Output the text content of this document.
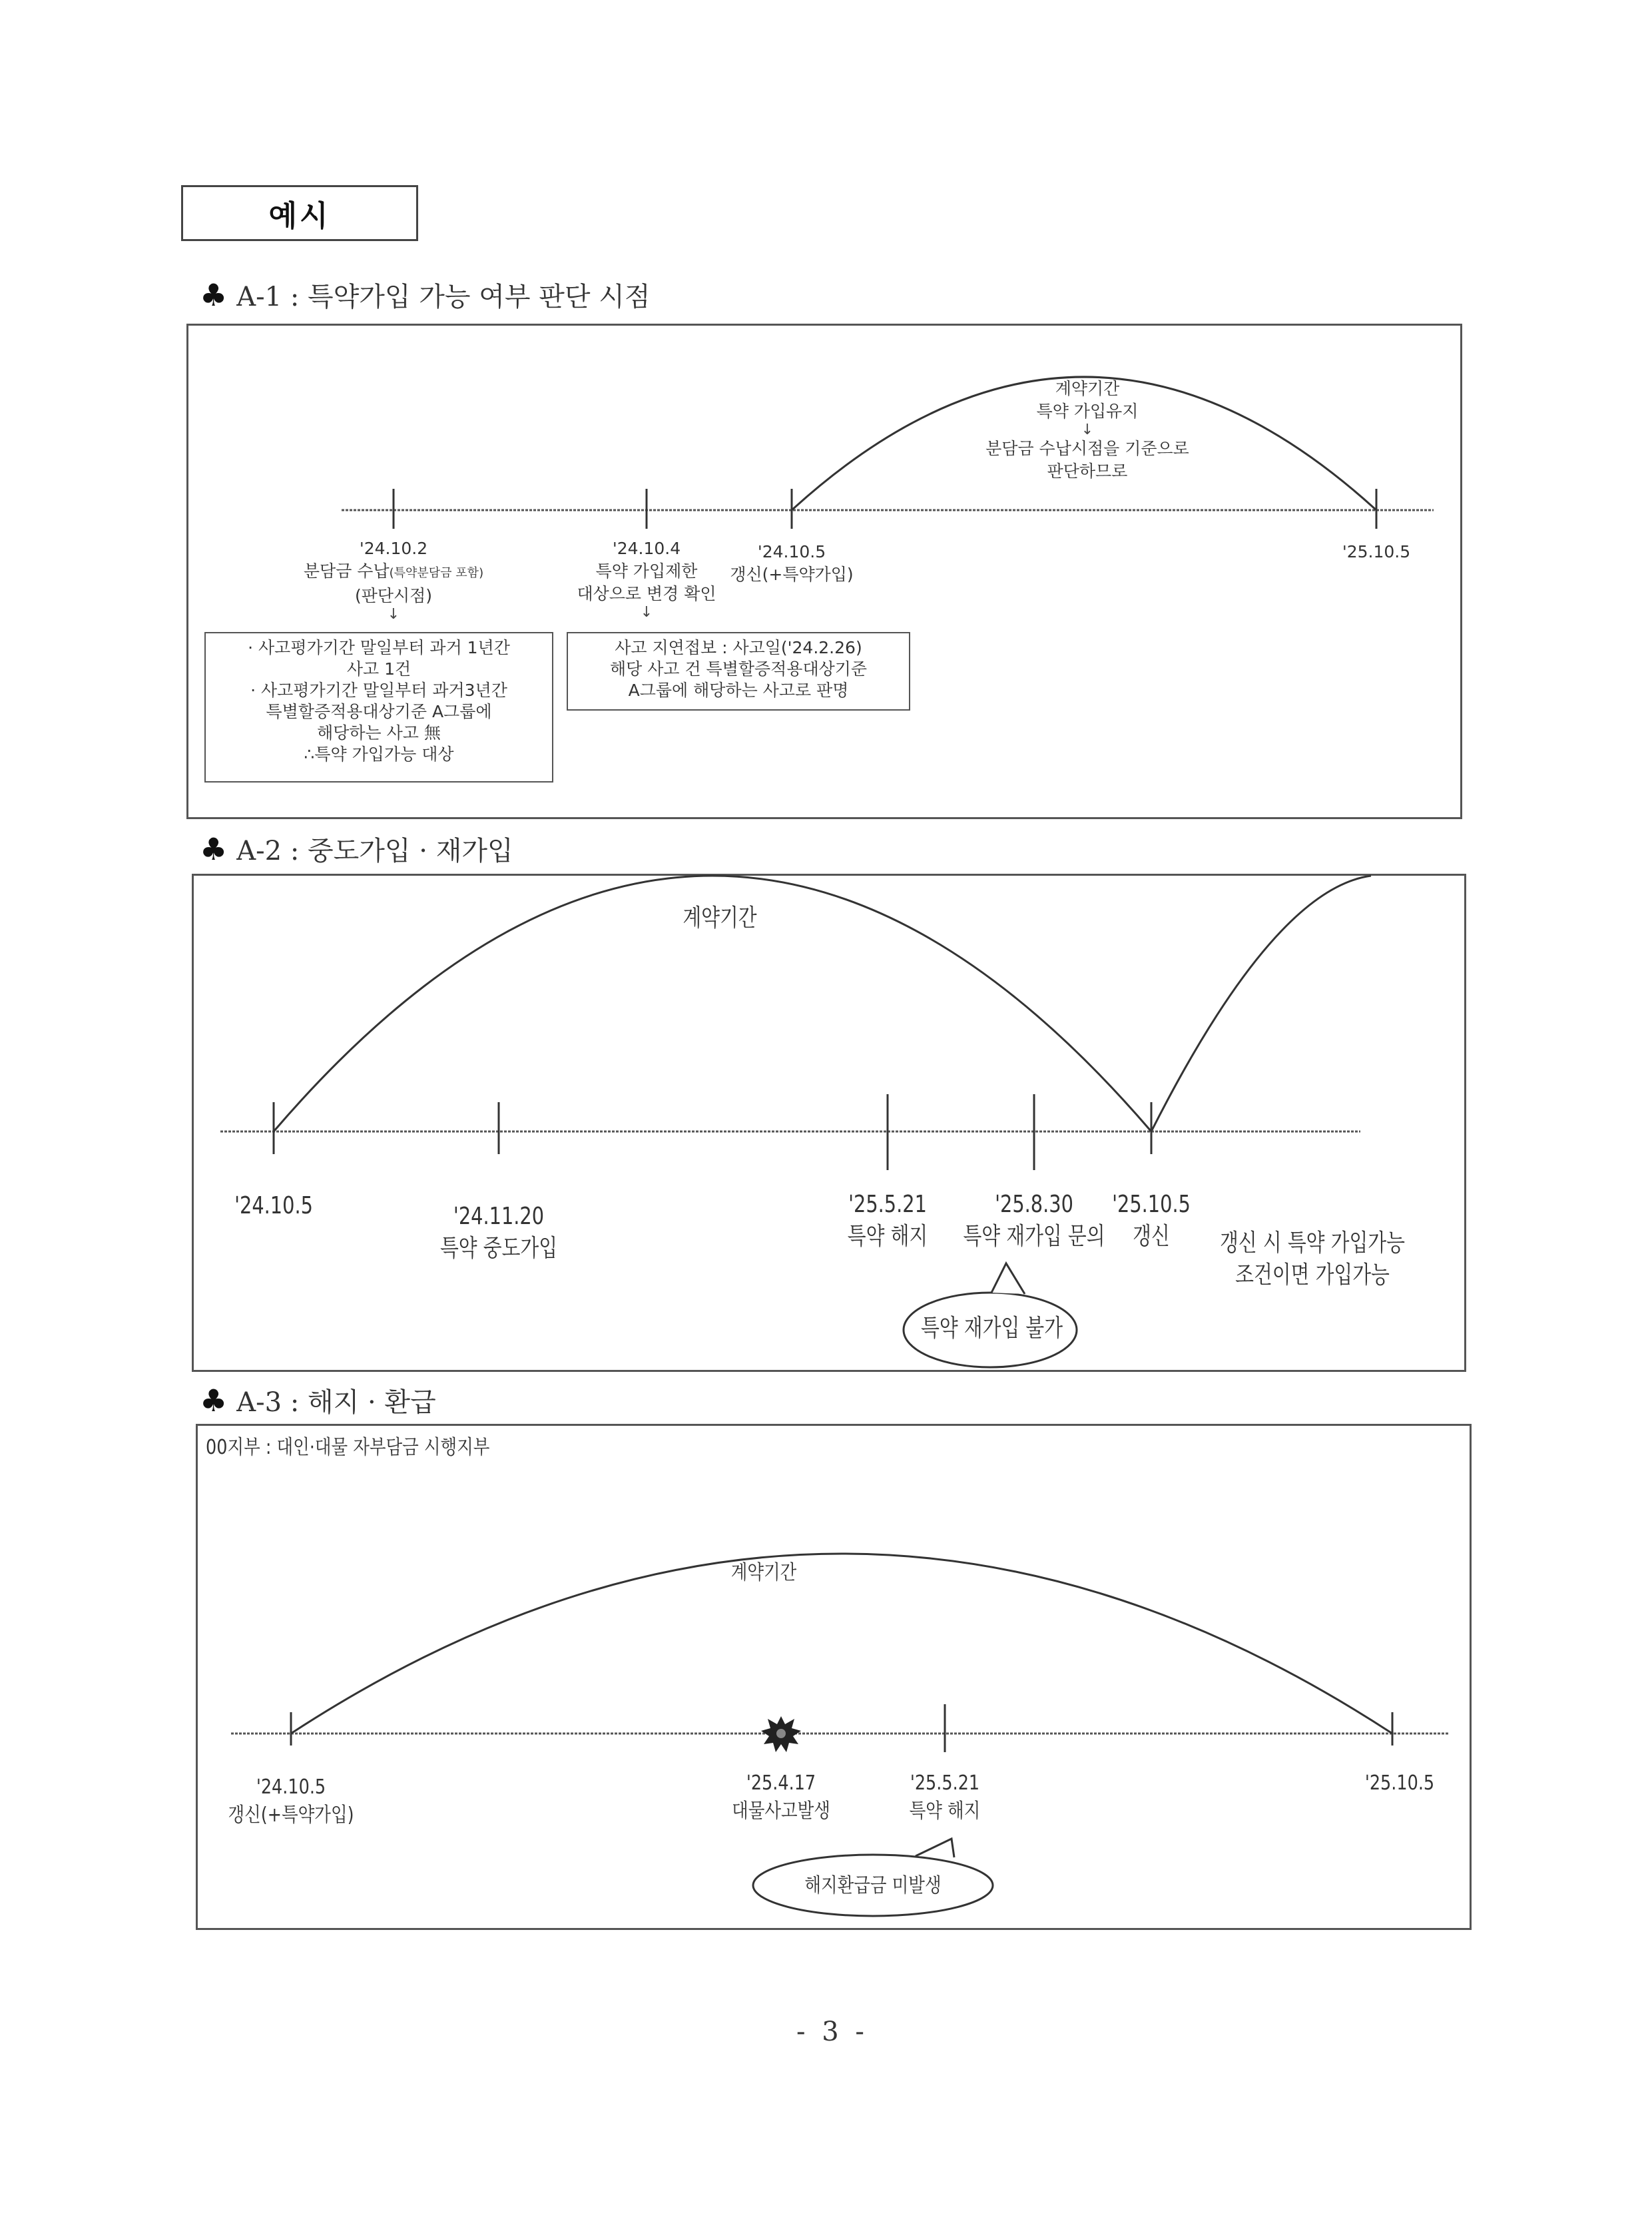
예시
♣ A-1 : 특약가입 가능 여부 판단 시점
계약기간
특약 가입유지
↓
분담금 수납시점을 기준으로
판단하므로
'24.10.2
분담금 수납(특약분담금 포함)
(판단시점)
↓
'24.10.4
특약 가입제한
대상으로 변경 확인
↓
'24.10.5
갱신(+특약가입)
'25.10.5
· 사고평가기간 말일부터 과거 1년간
사고 1건
· 사고평가기간 말일부터 과거3년간
특별할증적용대상기준 A그룹에
해당하는 사고 無
∴특약 가입가능 대상
사고 지연접보 : 사고일('24.2.26)
해당 사고 건 특별할증적용대상기준
A그룹에 해당하는 사고로 판명
♣ A-2 : 중도가입 · 재가입
계약기간
'24.10.5	'24.11.20
특약 중도가입
'25.5.21
특약 해지
'25.8.30
특약 재가입 문의
'25.10.5
갱신	갱신 시 특약 가입가능
조건이면 가입가능
특약 재가입 불가
♣ A-3 : 해지 · 환급
00지부 : 대인·대물 자부담금 시행지부
계약기간
'24.10.5
갱신(+특약가입)
'25.4.17
대물사고발생
'25.5.21
특약 해지
'25.10.5
해지환급금 미발생
- 3 -
